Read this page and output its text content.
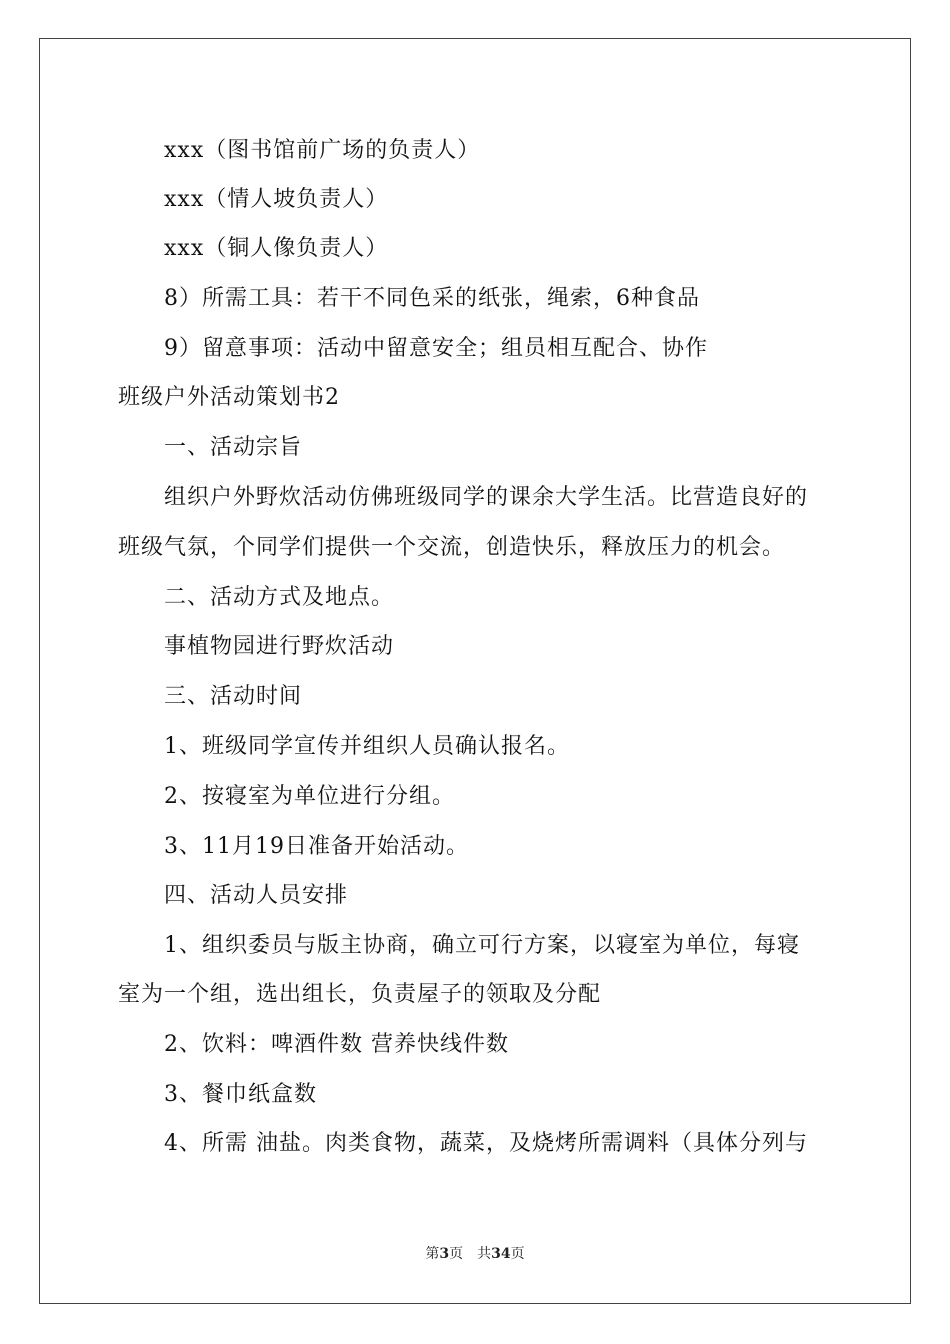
xxx（图书馆前广场的负责人）
xxx（情人坡负责人）
xxx（铜人像负责人）
8）所需工具：若干不同色采的纸张，绳索，6种食品
9）留意事项：活动中留意安全；组员相互配合、协作
班级户外活动策划书2
一、活动宗旨
组织户外野炊活动仿佛班级同学的课余大学生活。比营造良好的
班级气氛，个同学们提供一个交流，创造快乐，释放压力的机会。
二、活动方式及地点。
事植物园进行野炊活动
三、活动时间
1、班级同学宣传并组织人员确认报名。
2、按寝室为单位进行分组。
3、11月19日准备开始活动。
四、活动人员安排
1、组织委员与版主协商，确立可行方案，以寝室为单位，每寝
室为一个组，选出组长，负责屋子的领取及分配
2、饮料：啤酒件数 营养快线件数
3、餐巾纸盒数
4、所需 油盐。肉类食物，蔬菜，及烧烤所需调料（具体分列与
第3页 共34页
